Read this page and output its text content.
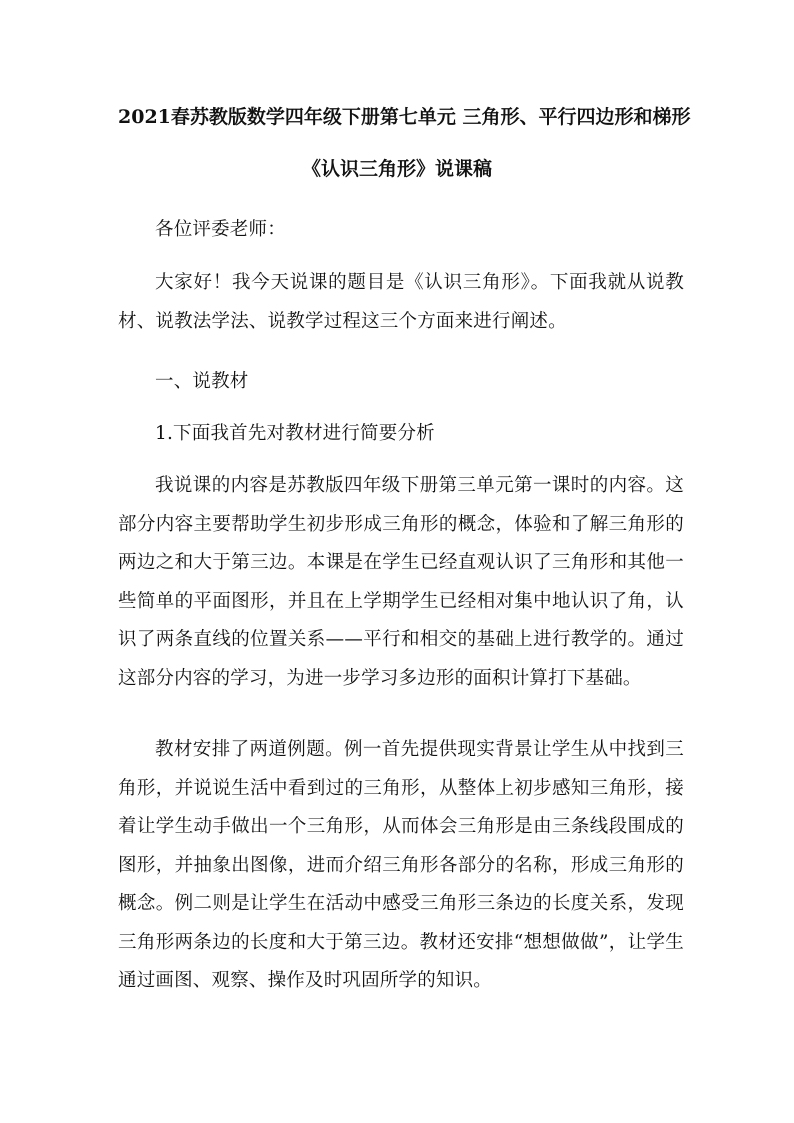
2021春苏教版数学四年级下册第七单元 三角形、平行四边形和梯形
《认识三角形》说课稿
各位评委老师：
大家好！我今天说课的题目是《认识三角形》。下面我就从说教材、说教法学法、说教学过程这三个方面来进行阐述。
一、说教材
1.下面我首先对教材进行简要分析
我说课的内容是苏教版四年级下册第三单元第一课时的内容。这部分内容主要帮助学生初步形成三角形的概念，体验和了解三角形的两边之和大于第三边。本课是在学生已经直观认识了三角形和其他一些简单的平面图形，并且在上学期学生已经相对集中地认识了角，认识了两条直线的位置关系——平行和相交的基础上进行教学的。通过这部分内容的学习，为进一步学习多边形的面积计算打下基础。
教材安排了两道例题。例一首先提供现实背景让学生从中找到三角形，并说说生活中看到过的三角形，从整体上初步感知三角形，接着让学生动手做出一个三角形，从而体会三角形是由三条线段围成的图形，并抽象出图像，进而介绍三角形各部分的名称，形成三角形的概念。例二则是让学生在活动中感受三角形三条边的长度关系，发现三角形两条边的长度和大于第三边。教材还安排“想想做做”，让学生通过画图、观察、操作及时巩固所学的知识。
